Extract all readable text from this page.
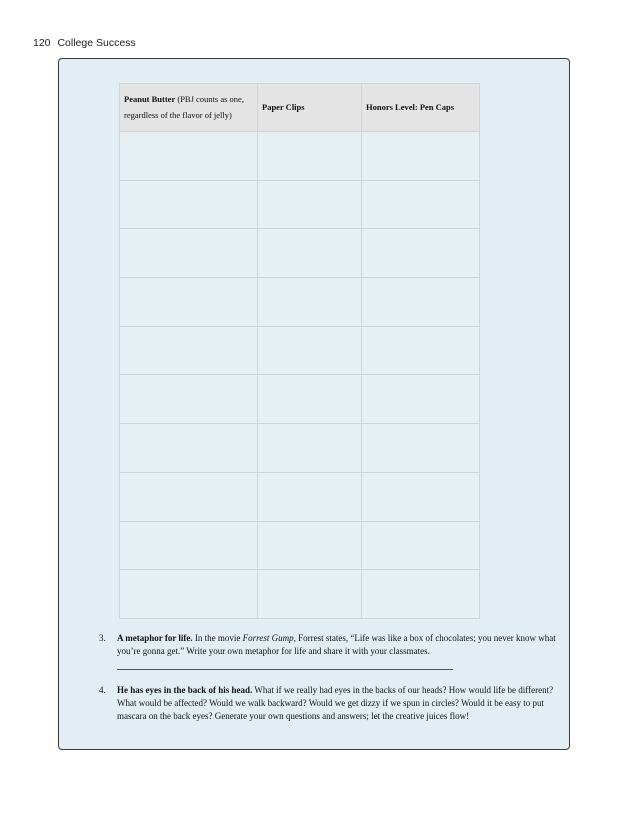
120 College Success
Peanut Butter (PBJ counts as one, regardless of the flavor of jelly)	Paper Clips	Honors Level: Pen Caps

3. A metaphor for life. In the movie Forrest Gump, Forrest states, “Life was like a box of chocolates; you never know what you’re gonna get.” Write your own metaphor for life and share it with your classmates.
4. He has eyes in the back of his head. What if we really had eyes in the backs of our heads? How would life be different? What would be affected? Would we walk backward? Would we get dizzy if we spun in circles? Would it be easy to put mascara on the back eyes? Generate your own questions and answers; let the creative juices flow!
